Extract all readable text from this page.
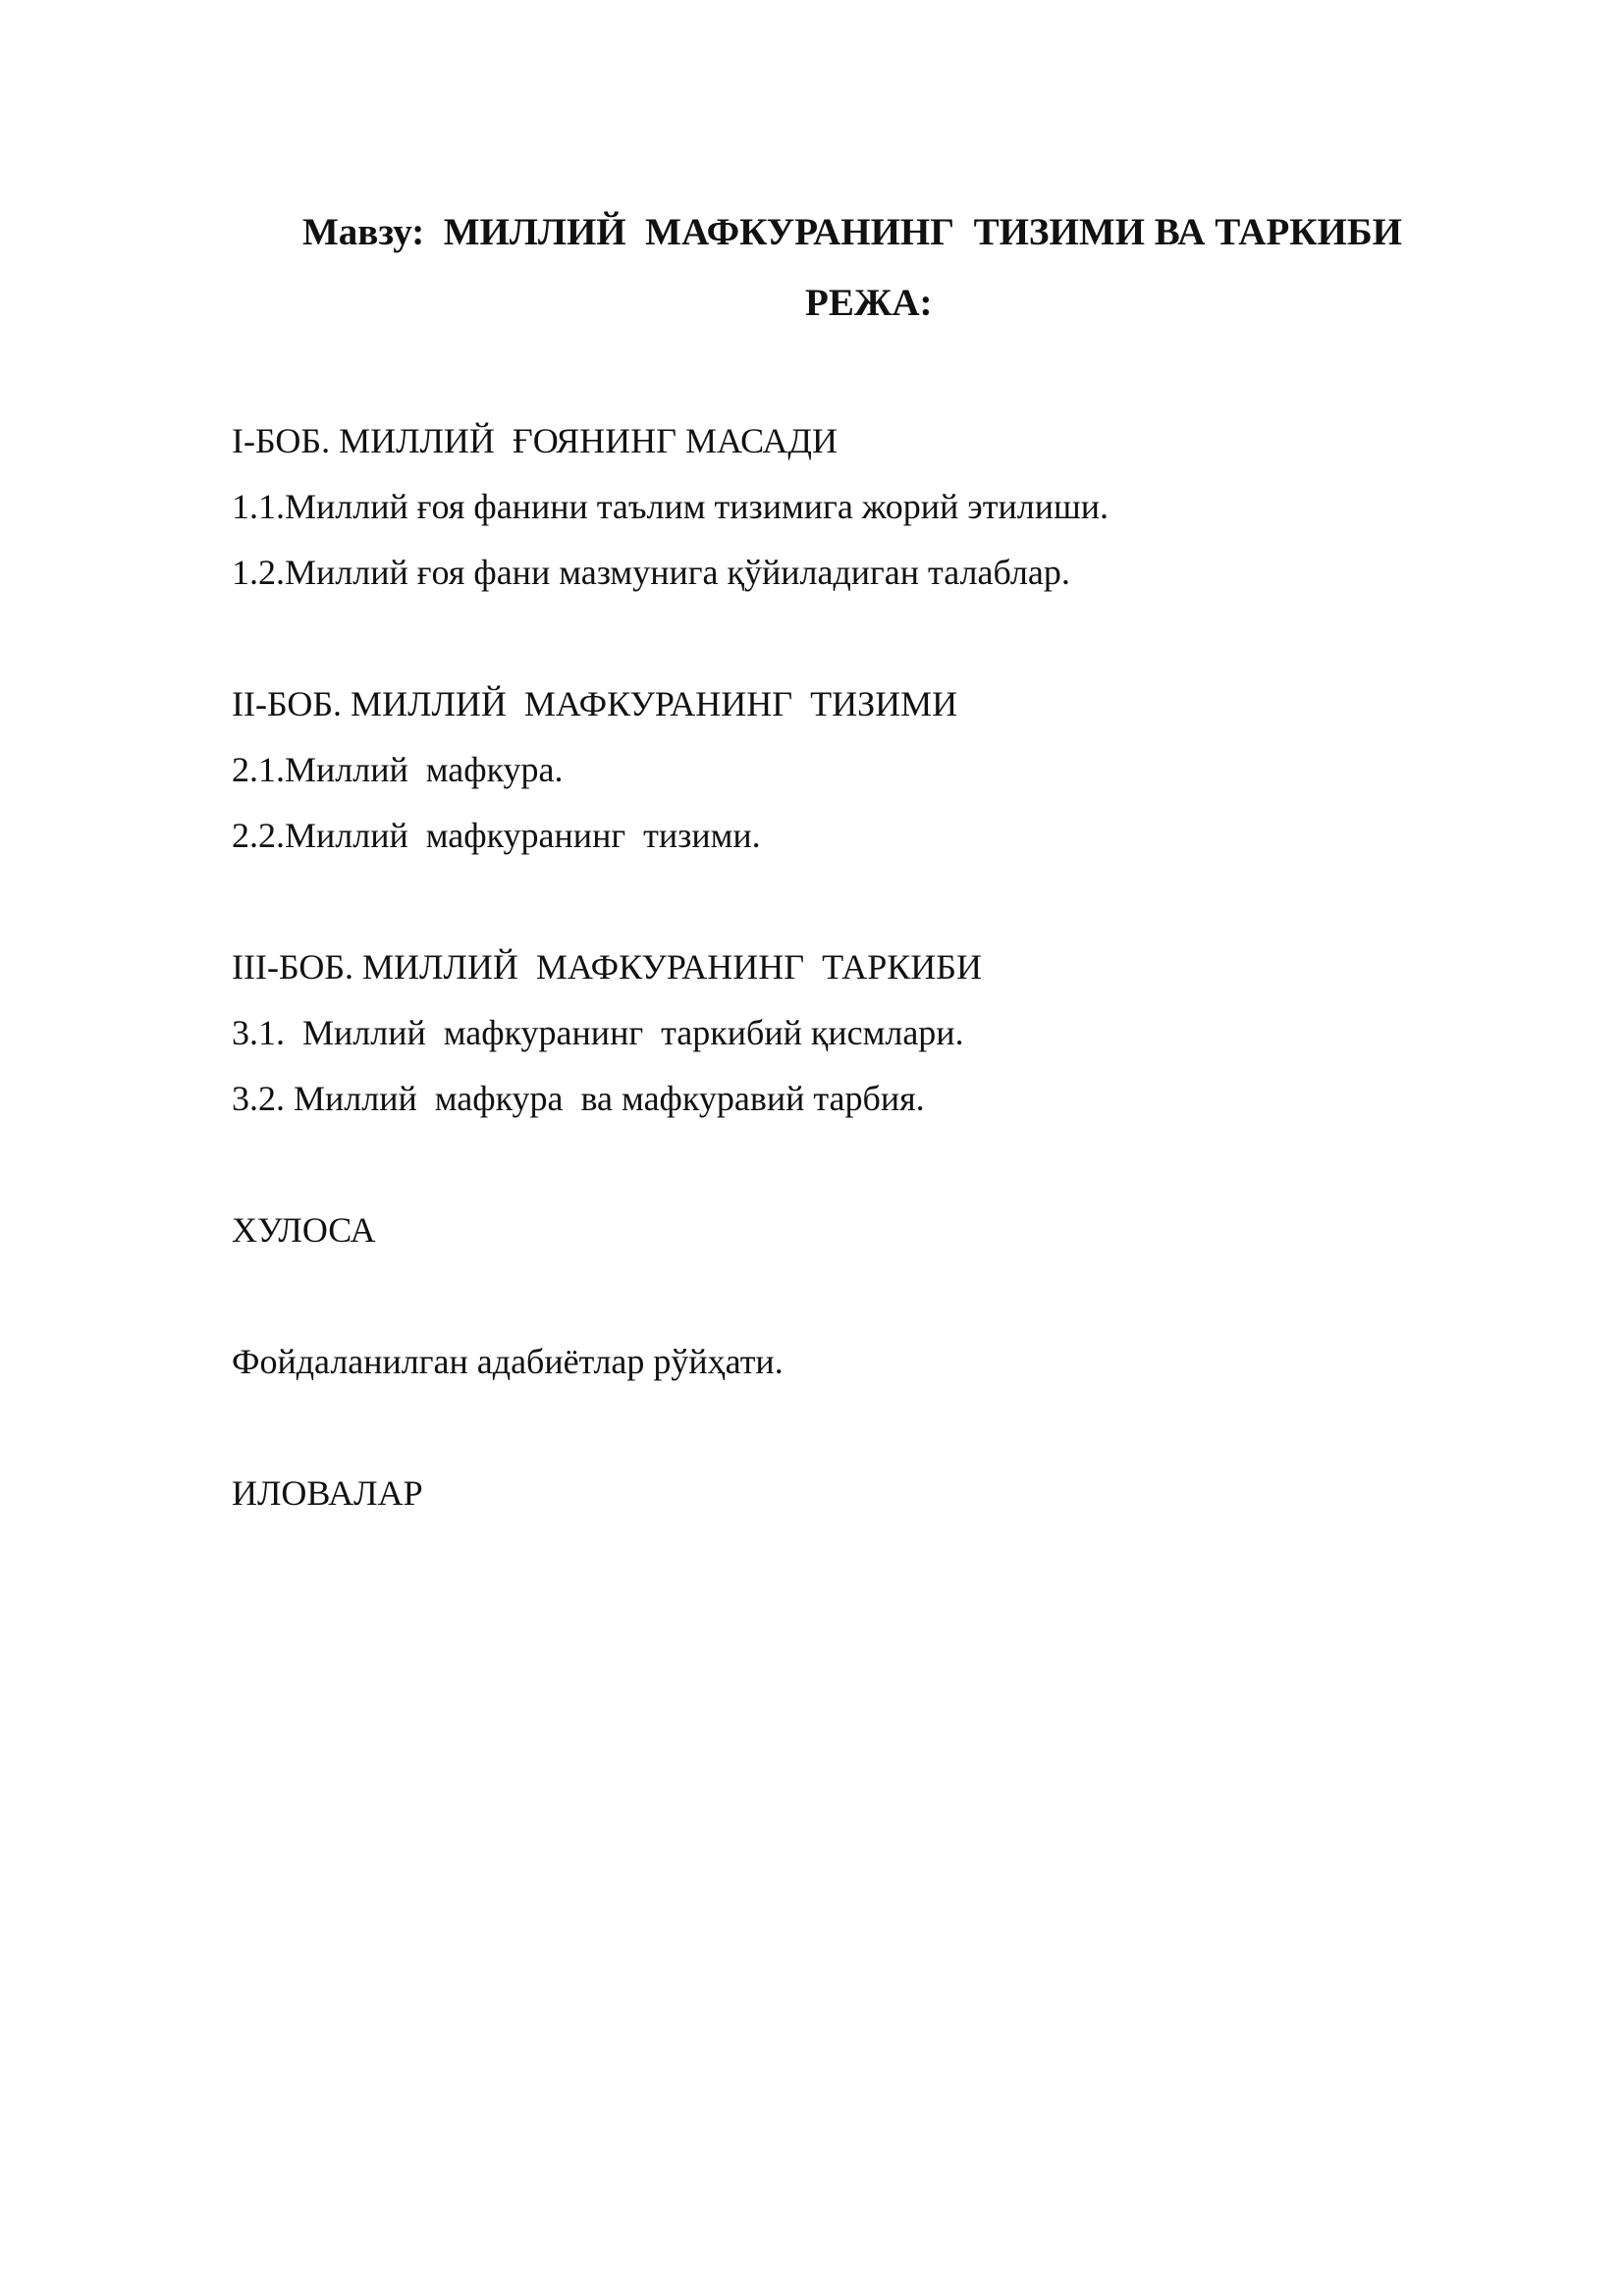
Мавзу:  МИЛЛИЙ  МАФКУРАНИНГ  ТИЗИМИ ВА ТАРКИБИ
РЕЖА:
I-БОБ. МИЛЛИЙ  ҒОЯНИНГ МАСАДИ
1.1.Миллий ғоя фанини таълим тизимига жорий этилиши.
1.2.Миллий ғоя фани мазмунига қўйиладиган талаблар.
II-БОБ. МИЛЛИЙ  МАФКУРАНИНГ  ТИЗИМИ
2.1.Миллий  мафкура.
2.2.Миллий  мафкуранинг  тизими.
III-БОБ. МИЛЛИЙ  МАФКУРАНИНГ  ТАРКИБИ
3.1.  Миллий  мафкуранинг  таркибий қисмлари.
3.2. Миллий  мафкура  ва мафкуравий тарбия.
ХУЛОСА
Фойдаланилган адабиётлар рўйҳати.
ИЛОВАЛАР
